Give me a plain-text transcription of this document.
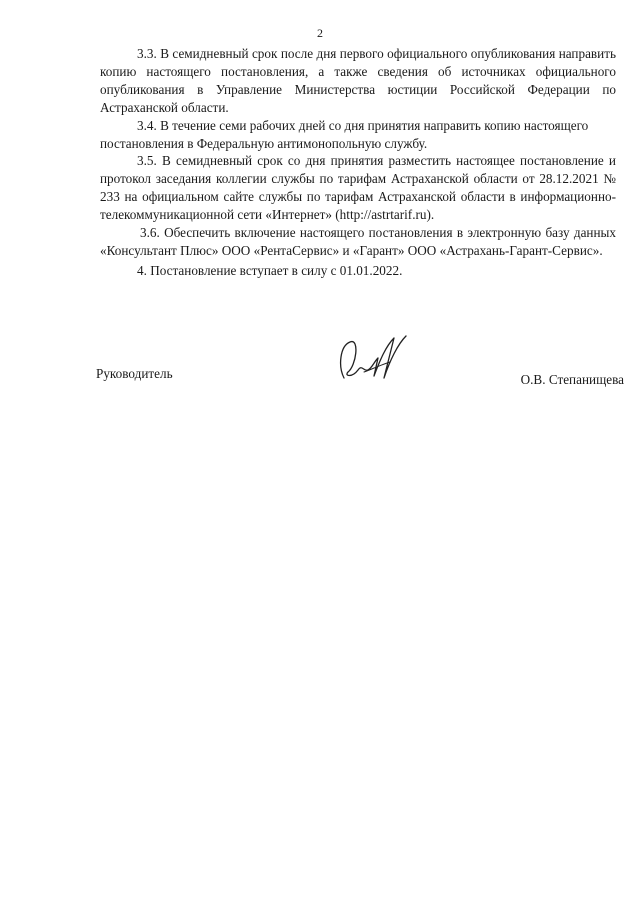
2

3.3. В семидневный срок после дня первого официального опубликования направить копию настоящего постановления, а также сведения об источниках официального опубликования в Управление Министерства юстиции Российской Федерации по Астраханской области.

3.4. В течение семи рабочих дней со дня принятия направить копию настоящего постановления в Федеральную антимонопольную службу.

3.5. В семидневный срок со дня принятия разместить настоящее постановление и протокол заседания коллегии службы по тарифам Астраханской области от 28.12.2021 № 233 на официальном сайте службы по тарифам Астраханской области в информационно-телекоммуникационной сети «Интернет» (http://astrtarif.ru).

3.6. Обеспечить включение настоящего постановления в электронную базу данных «Консультант Плюс» ООО «РентаСервис» и «Гарант» ООО «Астрахань-Гарант-Сервис».

4. Постановление вступает в силу с 01.01.2022.

Руководитель	О.В. Степанищева
